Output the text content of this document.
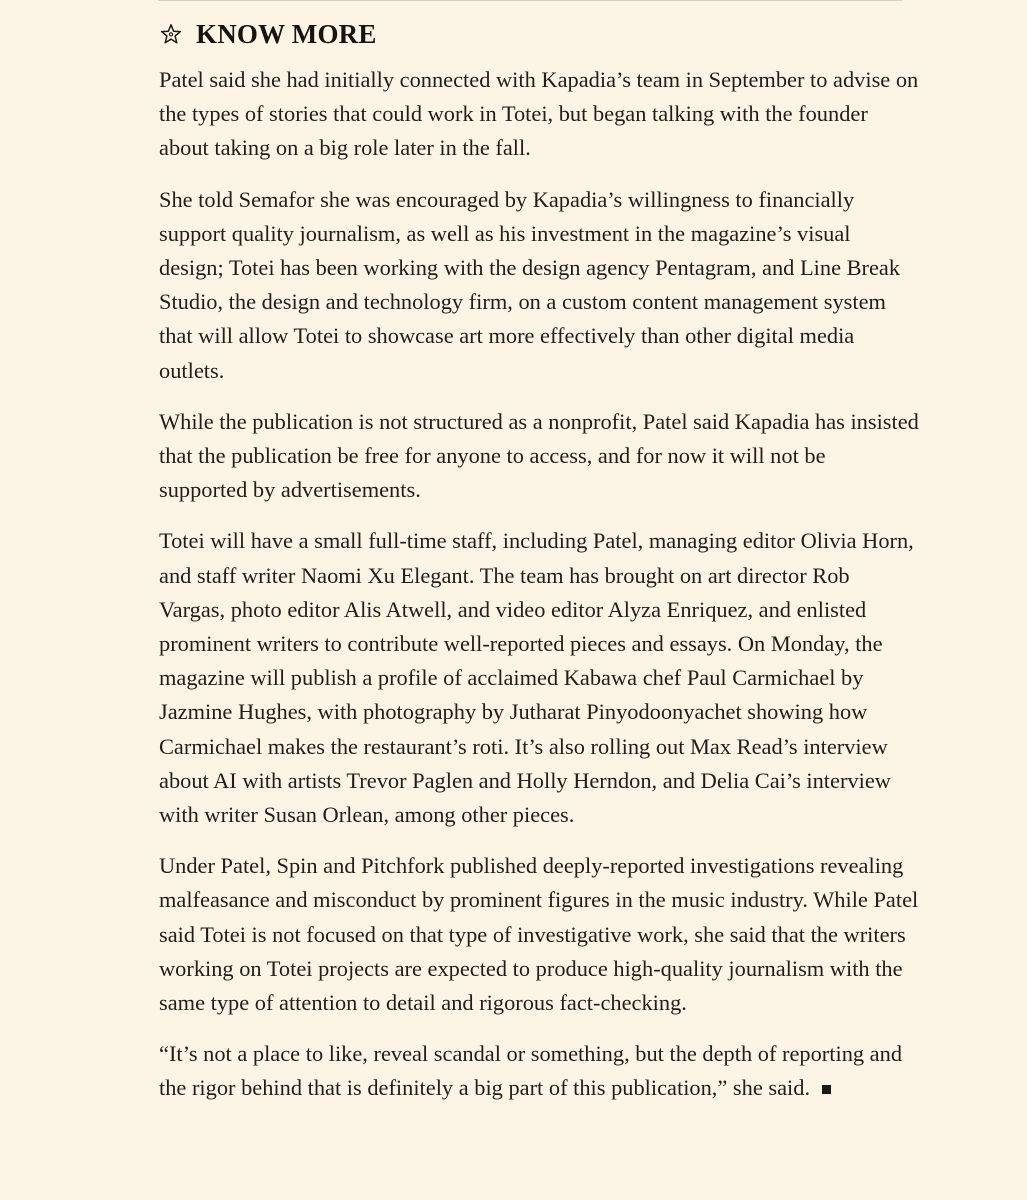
KNOW MORE

Patel said she had initially connected with Kapadia’s team in September to advise on the types of stories that could work in Totei, but began talking with the founder about taking on a big role later in the fall.

She told Semafor she was encouraged by Kapadia’s willingness to financially support quality journalism, as well as his investment in the magazine’s visual design; Totei has been working with the design agency Pentagram, and Line Break Studio, the design and technology firm, on a custom content management system that will allow Totei to showcase art more effectively than other digital media outlets.

While the publication is not structured as a nonprofit, Patel said Kapadia has insisted that the publication be free for anyone to access, and for now it will not be supported by advertisements.

Totei will have a small full-time staff, including Patel, managing editor Olivia Horn, and staff writer Naomi Xu Elegant. The team has brought on art director Rob Vargas, photo editor Alis Atwell, and video editor Alyza Enriquez, and enlisted prominent writers to contribute well-reported pieces and essays. On Monday, the magazine will publish a profile of acclaimed Kabawa chef Paul Carmichael by Jazmine Hughes, with photography by Jutharat Pinyodoonyachet showing how Carmichael makes the restaurant’s roti. It’s also rolling out Max Read’s interview about AI with artists Trevor Paglen and Holly Herndon, and Delia Cai’s interview with writer Susan Orlean, among other pieces.

Under Patel, Spin and Pitchfork published deeply-reported investigations revealing malfeasance and misconduct by prominent figures in the music industry. While Patel said Totei is not focused on that type of investigative work, she said that the writers working on Totei projects are expected to produce high-quality journalism with the same type of attention to detail and rigorous fact-checking.

“It’s not a place to like, reveal scandal or something, but the depth of reporting and the rigor behind that is definitely a big part of this publication,” she said.
